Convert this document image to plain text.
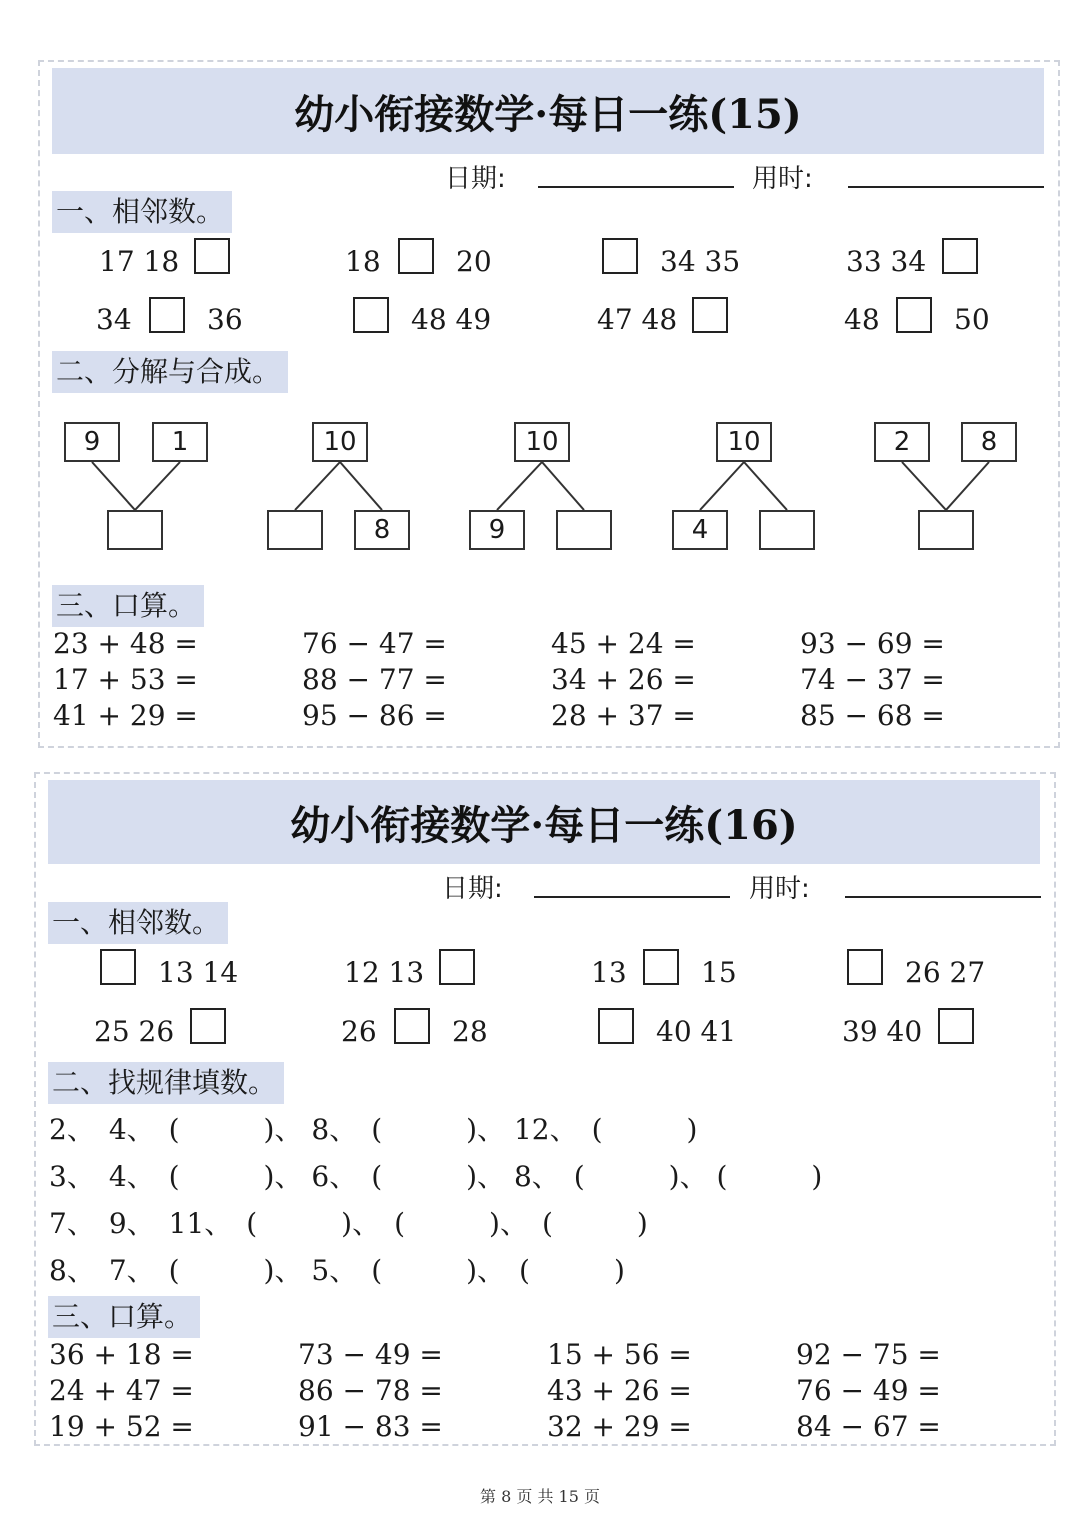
幼小衔接数学·每日一练(15)
日期:	用时:
一、相邻数。
17 18	18	20	34 35	33 34
34	36	48 49	47 48	48	50
二、分解与合成。
9	1	10
8
10
9
10
4
2	8
三、口算。
23 + 48 =	76 − 47 =	45 + 24 =	93 − 69 =
17 + 53 =	88 − 77 =	34 + 26 =	74 − 37 =
41 + 29 =	95 − 86 =	28 + 37 =	85 − 68 =
幼小衔接数学·每日一练(16)
日期:	用时:
一、相邻数。
13 14	12 13	13	15	26 27
25 26	26	28	40 41	39 40
二、找规律填数。
2、　4、　(　　　)、 8、　(　　　)、 12、　(　　　)
3、　4、　(　　　)、 6、　(　　　)、 8、　(　　　)、 (　　　)
7、　9、　11、　(　　　)、　(　　　)、　(　　　)
8、　7、　(　　　)、 5、　(　　　)、　(　　　)
三、口算。
36 + 18 =	73 − 49 =	15 + 56 =	92 − 75 =
24 + 47 =	86 − 78 =	43 + 26 =	76 − 49 =
19 + 52 =	91 − 83 =	32 + 29 =	84 − 67 =
第 8 页 共 15 页
